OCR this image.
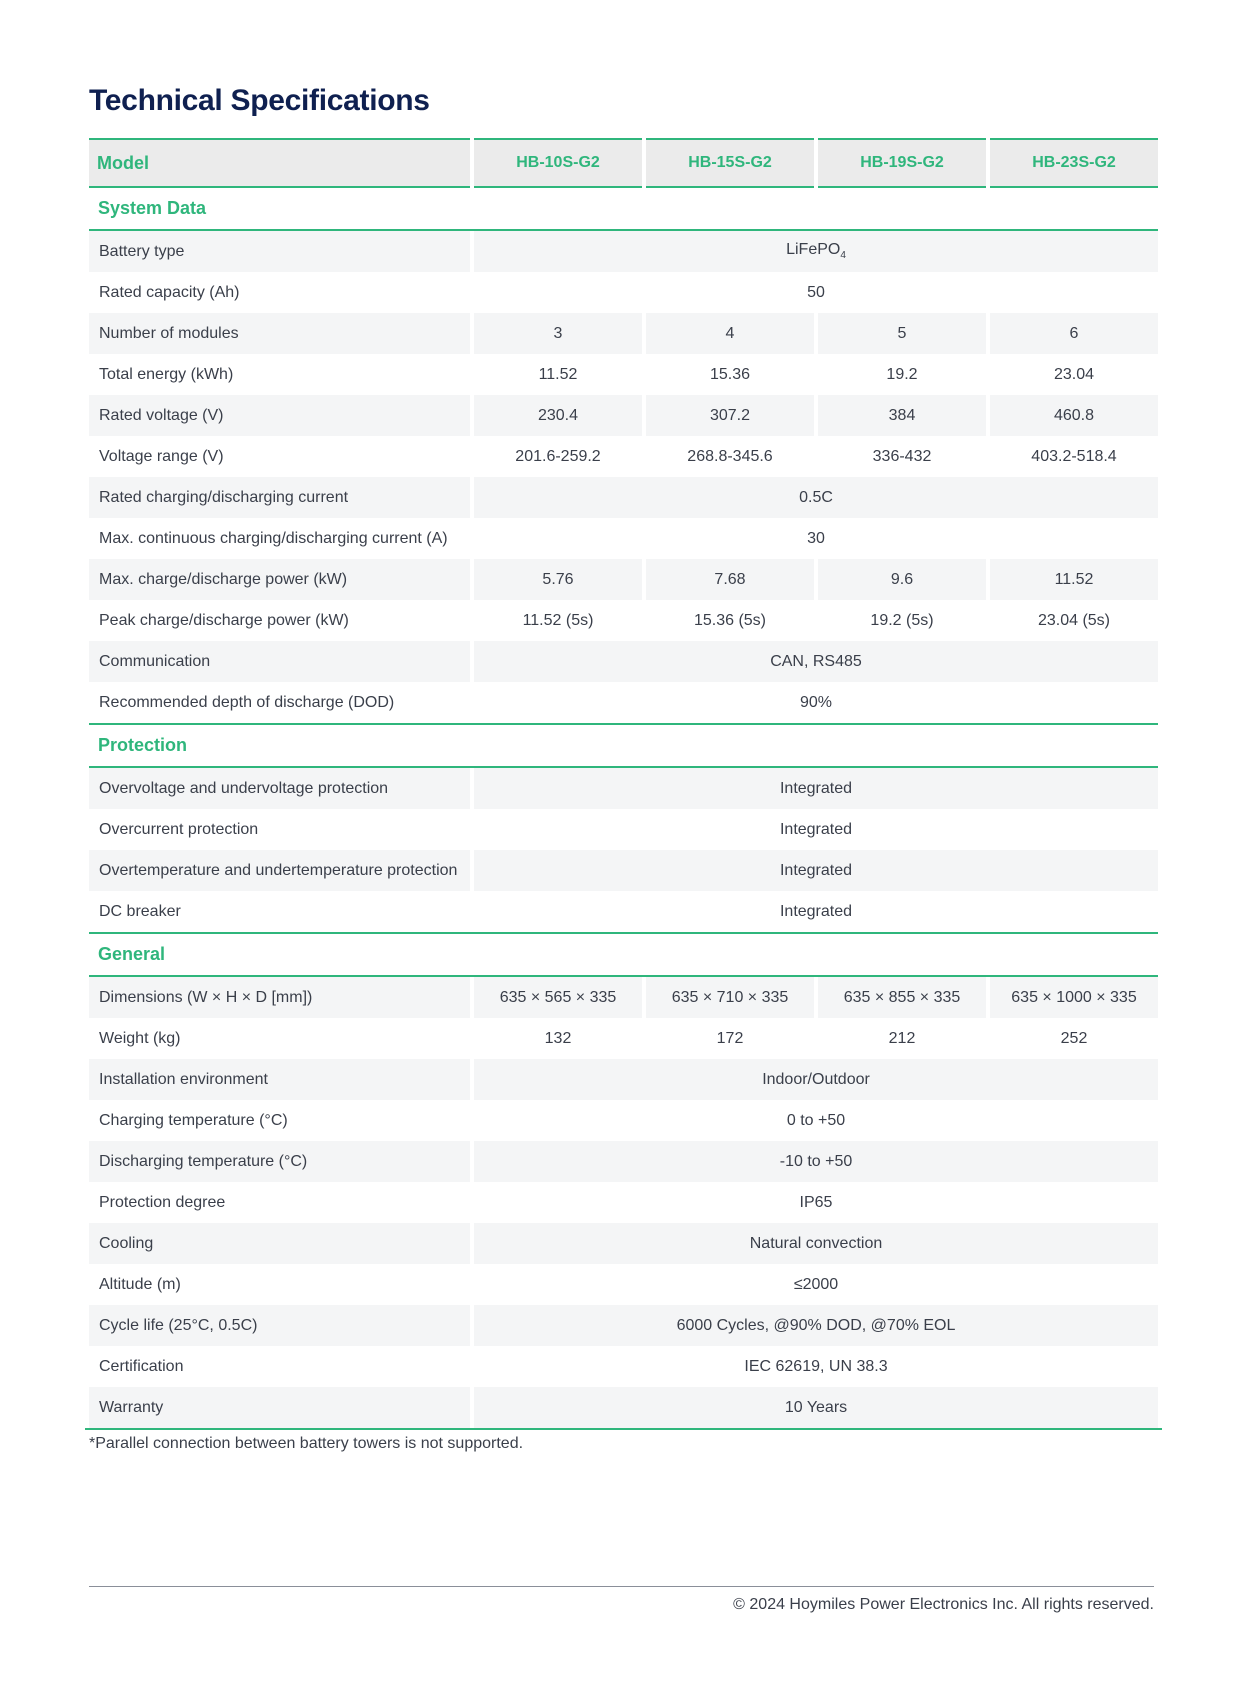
Technical Specifications
Model	HB-10S-G2	HB-15S-G2	HB-19S-G2	HB-23S-G2
System Data				
Battery type	LiFePO$_4$
Rated capacity (Ah)	50			
Number of modules	3	4	5	6
Total energy (kWh)	11.52	15.36	19.2	23.04
Rated voltage (V)	230.4	307.2	384	460.8
Voltage range (V)	201.6-259.2	268.8-345.6	336-432	403.2-518.4
Rated charging/discharging current	0.5C			
Max. continuous charging/discharging current (A)	30			
Max. charge/discharge power (kW)	5.76	7.68	9.6	11.52
Peak charge/discharge power (kW)	11.52 (5s)	15.36 (5s)	19.2 (5s)	23.04 (5s)
Communication	CAN, RS485			
Recommended depth of discharge (DOD)	90%			
Protection				
Overvoltage and undervoltage protection	Integrated			
Overcurrent protection	Integrated			
Overtemperature and undertemperature protection	Integrated			
DC breaker	Integrated			
General				
Dimensions (W × H × D [mm])	635 × 565 × 335	635 × 710 × 335	635 × 855 × 335	635 × 1000 × 335
Weight (kg)	132	172	212	252
Installation environment	Indoor/Outdoor			
Charging temperature (°C)	0 to +50			
Discharging temperature (°C)	-10 to +50			
Protection degree	IP65			
Cooling	Natural convection			
Altitude (m)	≤2000			
Cycle life (25°C, 0.5C)	6000 Cycles, @90% DOD, @70% EOL			
Certification	IEC 62619, UN 38.3			
Warranty	10 Years			
*Parallel connection between battery towers is not supported.
© 2024 Hoymiles Power Electronics Inc. All rights reserved.
